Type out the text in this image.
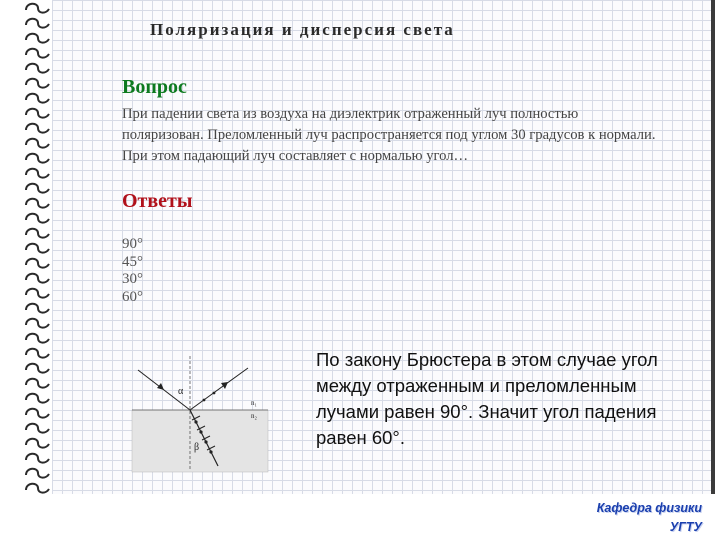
Поляризация и дисперсия света
Вопрос
При падении света из воздуха на диэлектрик отраженный луч полностью поляризован. Преломленный луч распространяется под углом 30 градусов к нормали. При этом падающий луч составляет с нормалью угол…
Ответы
90°
45°
30°
60°
α
β
n₁
n₂
По закону Брюстера в этом случае угол между отраженным и преломленным лучами равен 90°. Значит угол падения равен 60°.
Кафедра физики
УГТУ
